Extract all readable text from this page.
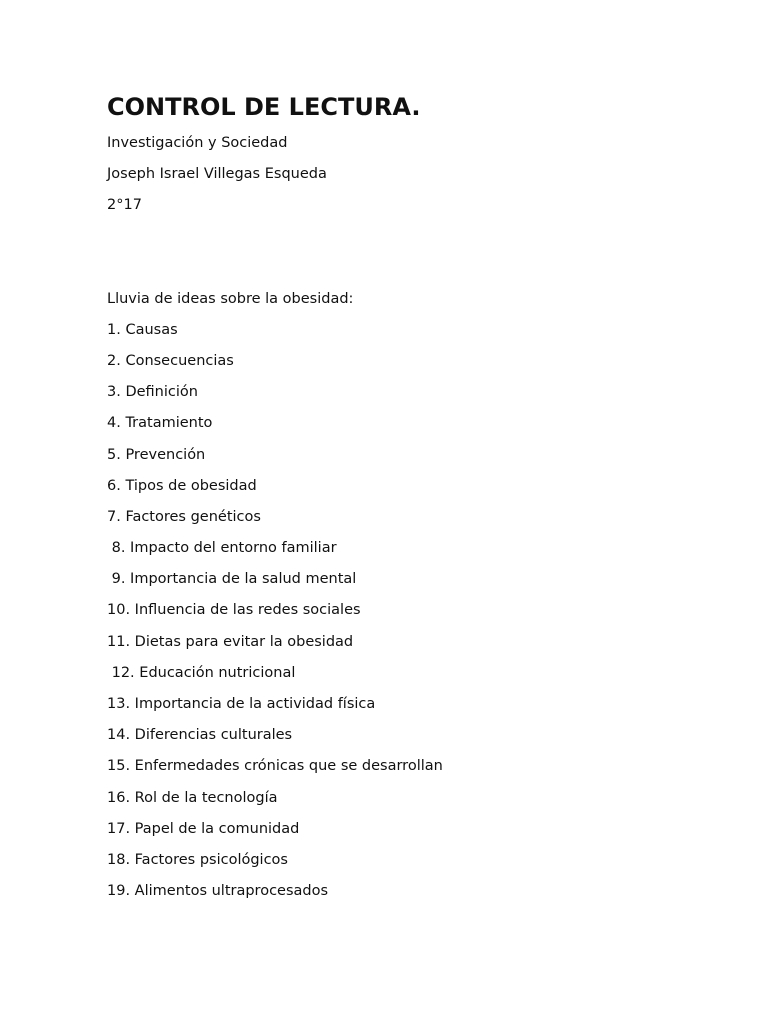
CONTROL DE LECTURA.

Investigación y Sociedad

Joseph Israel Villegas Esqueda

2°17

Lluvia de ideas sobre la obesidad:

1. Causas

2. Consecuencias

3. Definición

4. Tratamiento

5. Prevención

6. Tipos de obesidad

7. Factores genéticos

8. Impacto del entorno familiar

9. Importancia de la salud mental

10. Influencia de las redes sociales

11. Dietas para evitar la obesidad

12. Educación nutricional

13. Importancia de la actividad física

14. Diferencias culturales

15. Enfermedades crónicas que se desarrollan

16. Rol de la tecnología

17. Papel de la comunidad

18. Factores psicológicos

19. Alimentos ultraprocesados
